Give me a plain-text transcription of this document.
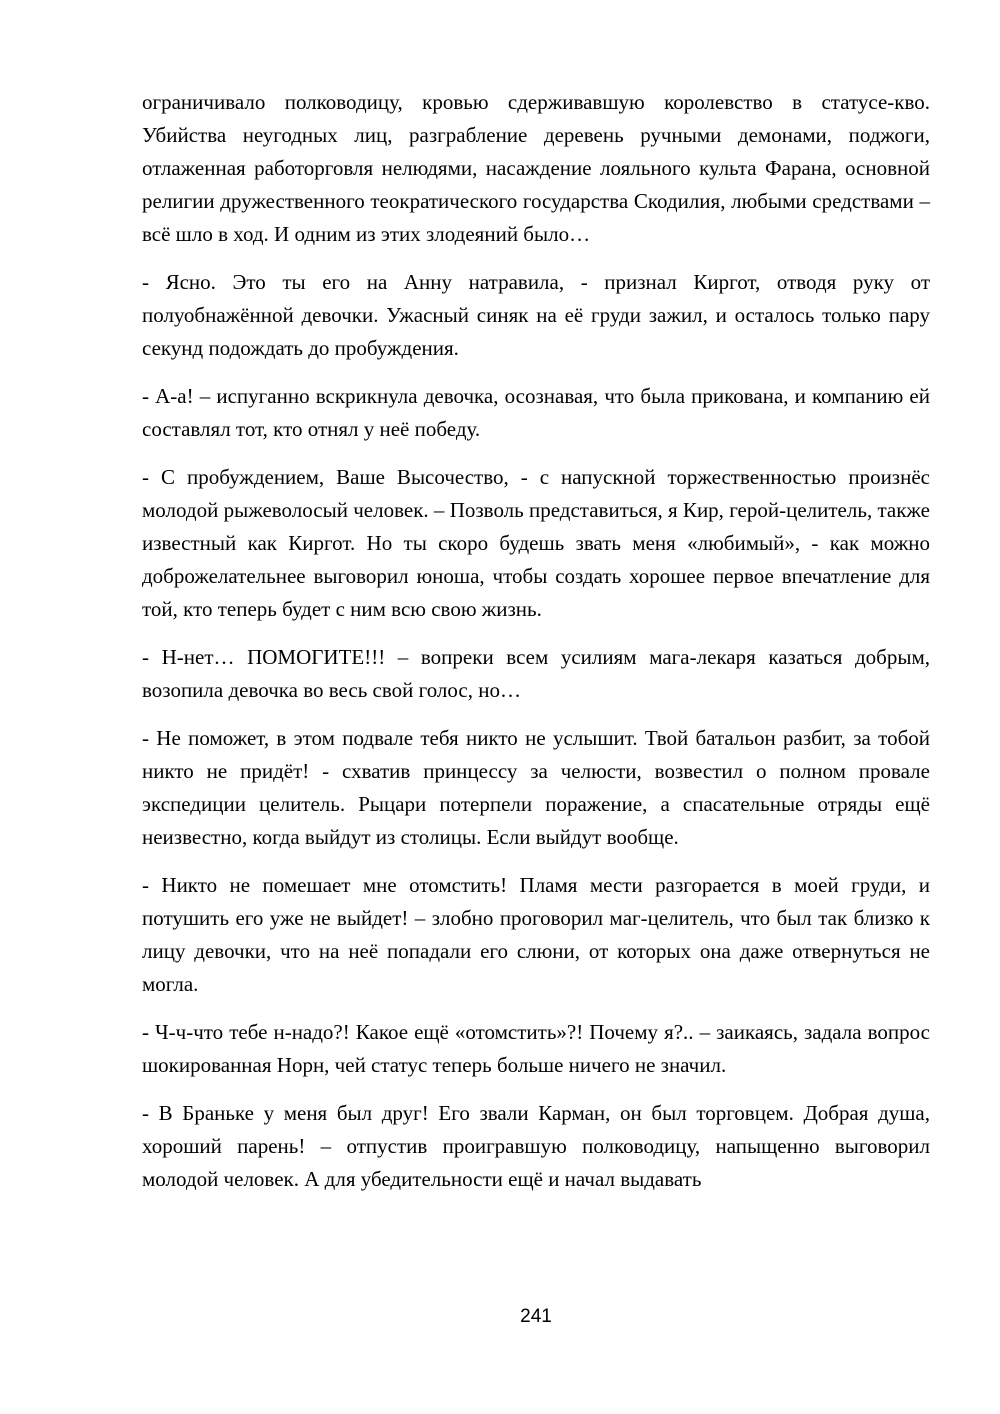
ограничивало полководицу, кровью сдерживавшую королевство в статусе-кво. Убийства неугодных лиц, разграбление деревень ручными демонами, поджоги, отлаженная работорговля нелюдями, насаждение лояльного культа Фарана, основной религии дружественного теократического государства Скодилия, любыми средствами – всё шло в ход. И одним из этих злодеяний было…

- Ясно. Это ты его на Анну натравила, - признал Киргот, отводя руку от полуобнажённой девочки. Ужасный синяк на её груди зажил, и осталось только пару секунд подождать до пробуждения.

- А-а! – испуганно вскрикнула девочка, осознавая, что была прикована, и компанию ей составлял тот, кто отнял у неё победу.

- С пробуждением, Ваше Высочество, - с напускной торжественностью произнёс молодой рыжеволосый человек. – Позволь представиться, я Кир, герой-целитель, также известный как Киргот. Но ты скоро будешь звать меня «любимый», - как можно доброжелательнее выговорил юноша, чтобы создать хорошее первое впечатление для той, кто теперь будет с ним всю свою жизнь.

- Н-нет… ПОМОГИТЕ!!! – вопреки всем усилиям мага-лекаря казаться добрым, возопила девочка во весь свой голос, но…

- Не поможет, в этом подвале тебя никто не услышит. Твой батальон разбит, за тобой никто не придёт! - схватив принцессу за челюсти, возвестил о полном провале экспедиции целитель. Рыцари потерпели поражение, а спасательные отряды ещё неизвестно, когда выйдут из столицы. Если выйдут вообще.

- Никто не помешает мне отомстить! Пламя мести разгорается в моей груди, и потушить его уже не выйдет! – злобно проговорил маг-целитель, что был так близко к лицу девочки, что на неё попадали его слюни, от которых она даже отвернуться не могла.

- Ч-ч-что тебе н-надо?! Какое ещё «отомстить»?! Почему я?.. – заикаясь, задала вопрос шокированная Норн, чей статус теперь больше ничего не значил.

- В Браньке у меня был друг! Его звали Карман, он был торговцем. Добрая душа, хороший парень! – отпустив проигравшую полководицу, напыщенно выговорил молодой человек. А для убедительности ещё и начал выдавать

241
